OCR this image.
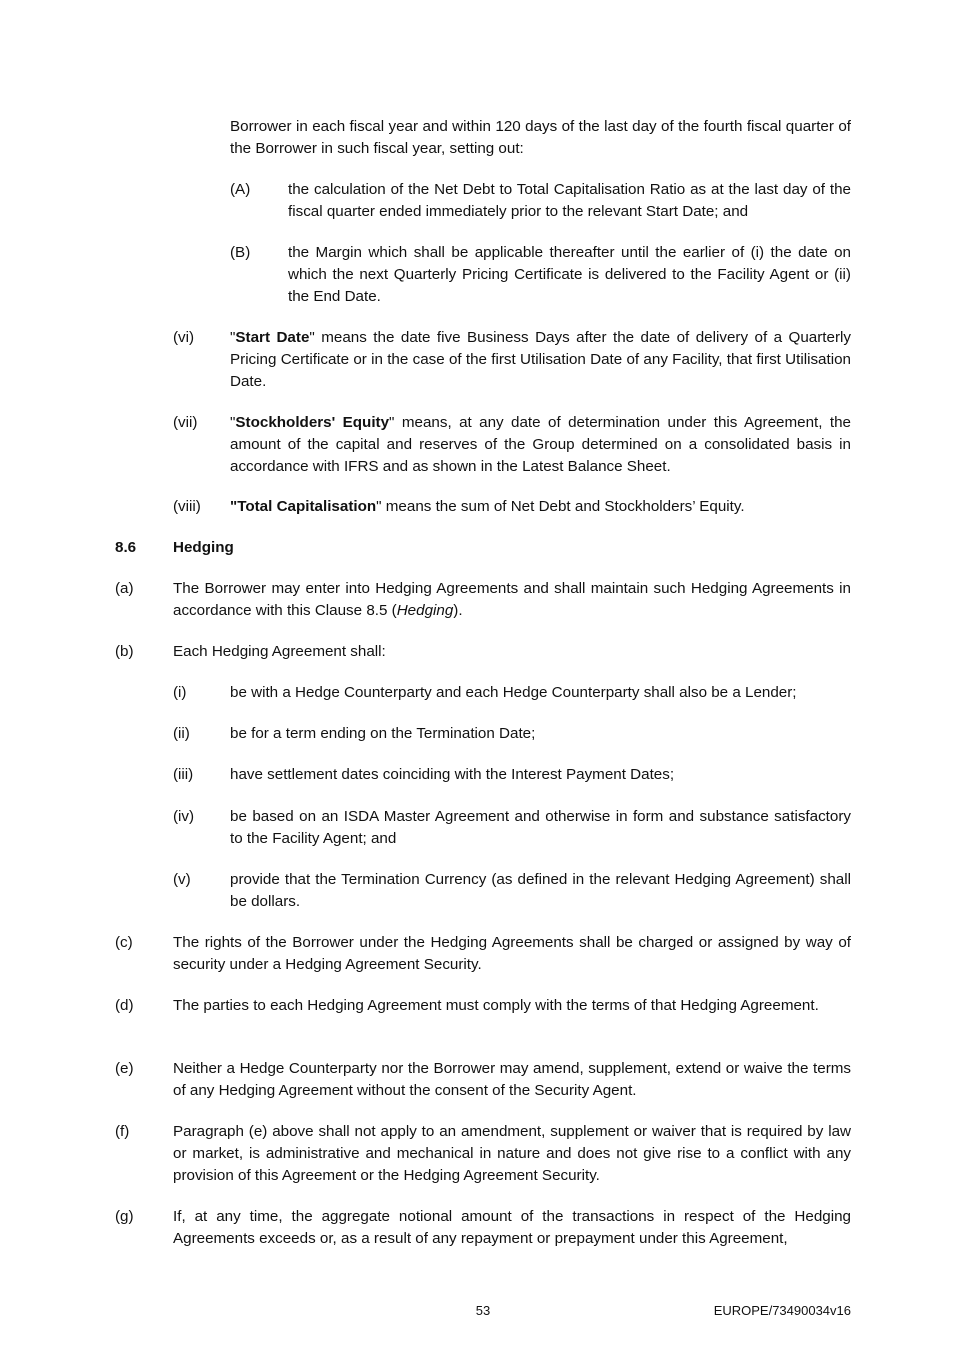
Borrower in each fiscal year and within 120 days of the last day of the fourth fiscal quarter of the Borrower in such fiscal year, setting out:
(A) the calculation of the Net Debt to Total Capitalisation Ratio as at the last day of the fiscal quarter ended immediately prior to the relevant Start Date; and
(B) the Margin which shall be applicable thereafter until the earlier of (i) the date on which the next Quarterly Pricing Certificate is delivered to the Facility Agent or (ii) the End Date.
(vi) "Start Date" means the date five Business Days after the date of delivery of a Quarterly Pricing Certificate or in the case of the first Utilisation Date of any Facility, that first Utilisation Date.
(vii) "Stockholders' Equity" means, at any date of determination under this Agreement, the amount of the capital and reserves of the Group determined on a consolidated basis in accordance with IFRS and as shown in the Latest Balance Sheet.
(viii) "Total Capitalisation" means the sum of Net Debt and Stockholders’ Equity.
8.6 Hedging
(a)	The Borrower may enter into Hedging Agreements and shall maintain such Hedging Agreements in accordance with this Clause 8.5 (Hedging).
(b)	Each Hedging Agreement shall:
(i)	be with a Hedge Counterparty and each Hedge Counterparty shall also be a Lender;
(ii)	be for a term ending on the Termination Date;
(iii) have settlement dates coinciding with the Interest Payment Dates;
(iv) be based on an ISDA Master Agreement and otherwise in form and substance satisfactory to the Facility Agent; and
(v)	provide that the Termination Currency (as defined in the relevant Hedging Agreement) shall be dollars.
(c)	The rights of the Borrower under the Hedging Agreements shall be charged or assigned by way of security under a Hedging Agreement Security.
(d)	The parties to each Hedging Agreement must comply with the terms of that Hedging Agreement.
(e)	Neither a Hedge Counterparty nor the Borrower may amend, supplement, extend or waive the terms of any Hedging Agreement without the consent of the Security Agent.
(f)	Paragraph (e) above shall not apply to an amendment, supplement or waiver that is required by law or market, is administrative and mechanical in nature and does not give rise to a conflict with any provision of this Agreement or the Hedging Agreement Security.
(g)	If, at any time, the aggregate notional amount of the transactions in respect of the Hedging Agreements exceeds or, as a result of any repayment or prepayment under this Agreement,
53	EUROPE/73490034v16
